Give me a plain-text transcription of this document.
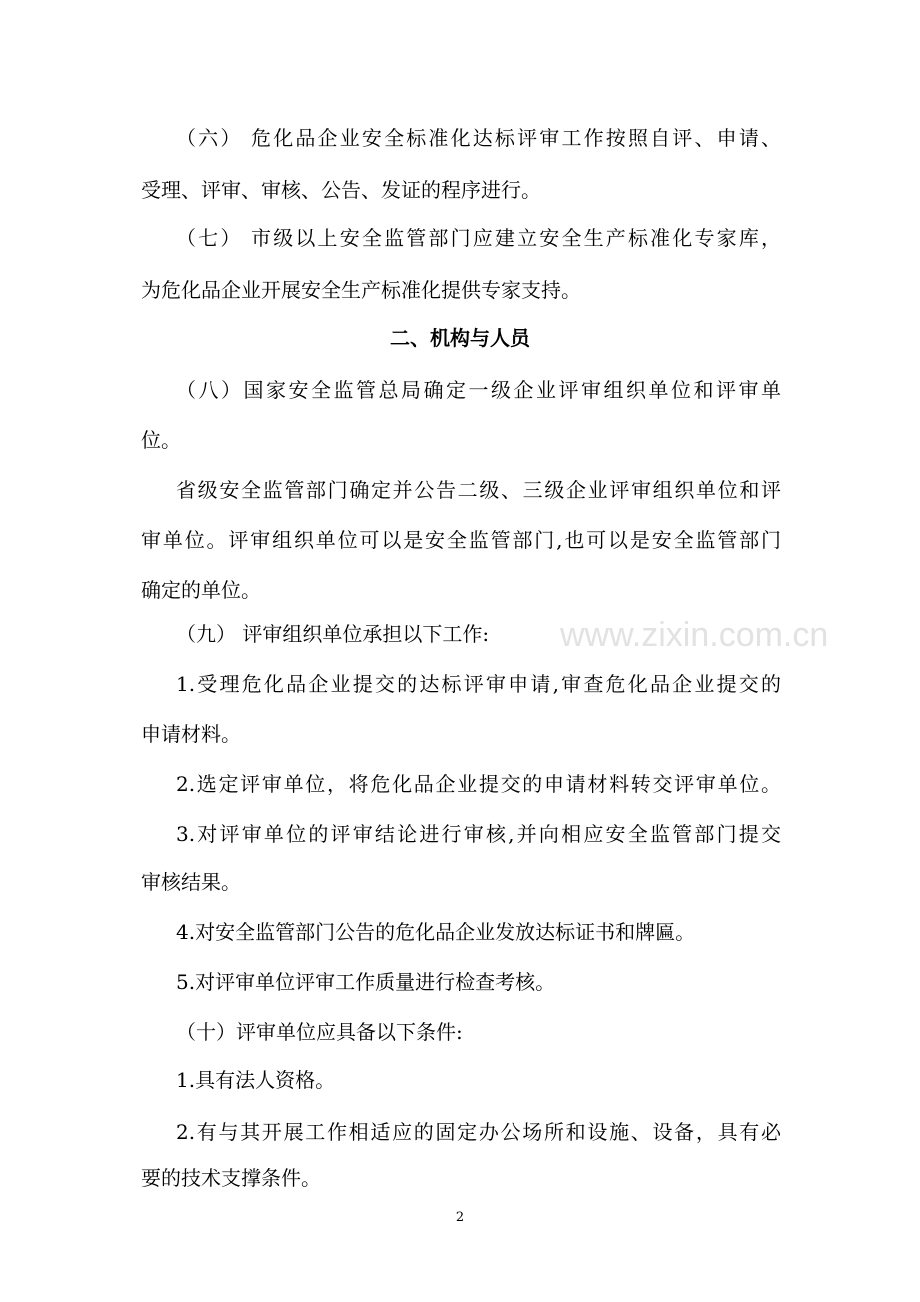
www.zixin.com.cn
（六） 危化品企业安全标准化达标评审工作按照自评、申请、
受理、评审、审核、公告、发证的程序进行。
（七） 市级以上安全监管部门应建立安全生产标准化专家库，
为危化品企业开展安全生产标准化提供专家支持。
二、机构与人员
（八）国家安全监管总局确定一级企业评审组织单位和评审单
位。
省级安全监管部门确定并公告二级、三级企业评审组织单位和评
审单位。评审组织单位可以是安全监管部门,也可以是安全监管部门
确定的单位。
（九） 评审组织单位承担以下工作:
1.受理危化品企业提交的达标评审申请,审查危化品企业提交的
申请材料。
2.选定评审单位，将危化品企业提交的申请材料转交评审单位。
3.对评审单位的评审结论进行审核,并向相应安全监管部门提交
审核结果。
4.对安全监管部门公告的危化品企业发放达标证书和牌匾。
5.对评审单位评审工作质量进行检查考核。
（十）评审单位应具备以下条件:
1.具有法人资格。
2.有与其开展工作相适应的固定办公场所和设施、设备，具有必
要的技术支撑条件。
2
